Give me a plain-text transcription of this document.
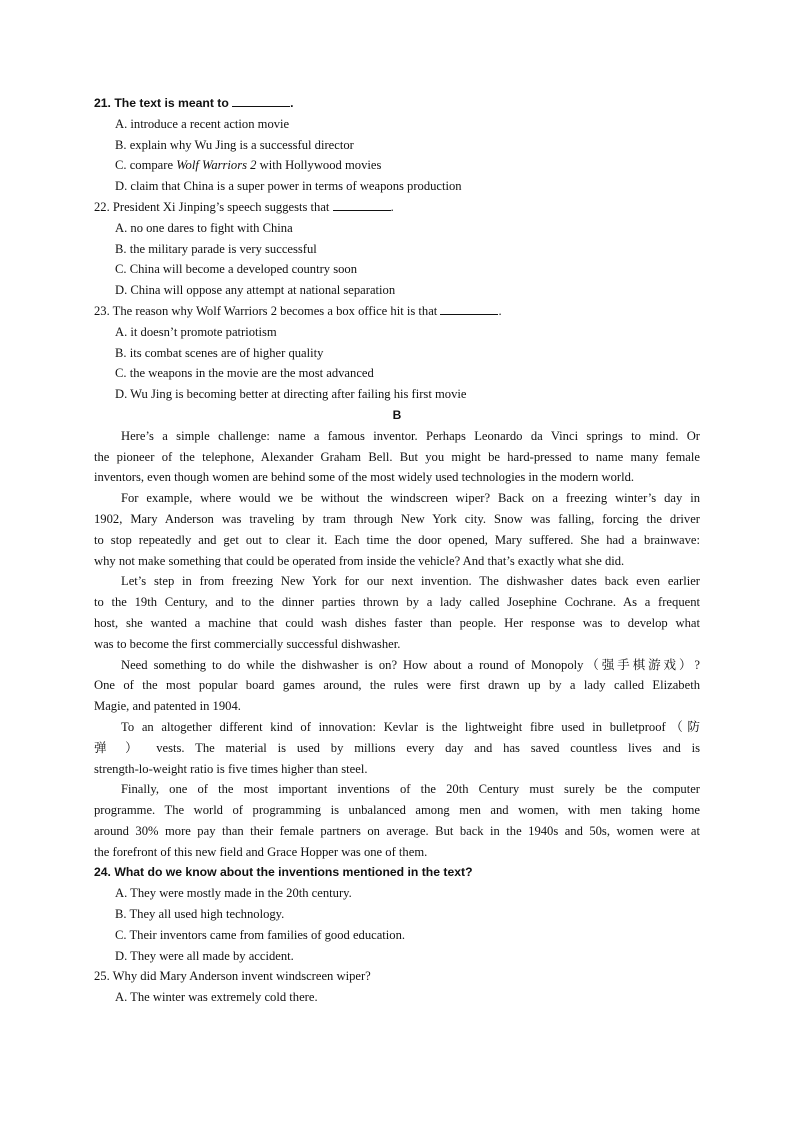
21. The text is meant to	.
A. introduce a recent action movie
B. explain why Wu Jing is a successful director
C. compare Wolf Warriors 2 with Hollywood movies
D. claim that China is a super power in terms of weapons production
22. President Xi Jinping’s speech suggests that	.
A. no one dares to fight with China
B. the military parade is very successful
C. China will become a developed country soon
D. China will oppose any attempt at national separation
23. The reason why Wolf Warriors 2 becomes a box office hit is that	.
A. it doesn’t promote patriotism
B. its combat scenes are of higher quality
C. the weapons in the movie are the most advanced
D. Wu Jing is becoming better at directing after failing his first movie
B
Here’s a simple challenge: name a famous inventor. Perhaps Leonardo da Vinci springs to mind. Or
the pioneer of the telephone, Alexander Graham Bell. But you might be hard-pressed to name many female
inventors, even though women are behind some of the most widely used technologies in the modern world.
For example, where would we be without the windscreen wiper? Back on a freezing winter’s day in
1902, Mary Anderson was traveling by tram through New York city. Snow was falling, forcing the driver
to stop repeatedly and get out to clear it. Each time the door opened, Mary suffered. She had a brainwave:
why not make something that could be operated from inside the vehicle? And that’s exactly what she did.
Let’s step in from freezing New York for our next invention. The dishwasher dates back even earlier
to the 19th Century, and to the dinner parties thrown by a lady called Josephine Cochrane. As a frequent
host, she wanted a machine that could wash dishes faster than people. Her response was to develop what
was to become the first commercially successful dishwasher.
Need something to do while the dishwasher is on? How about a round of Monopoly（强手棋游戏）?
One of the most popular board games around, the rules were first drawn up by a lady called Elizabeth
Magie, and patented in 1904.
To an altogether different kind of innovation: Kevlar is the lightweight fibre used in bulletproof（防
弹 ） vests. The material is used by millions every day and has saved countless lives and is
strength-lo-weight ratio is five times higher than steel.
Finally, one of the most important inventions of the 20th Century must surely be the computer
programme. The world of programming is unbalanced among men and women, with men taking home
around 30% more pay than their female partners on average. But back in the 1940s and 50s, women were at
the forefront of this new field and Grace Hopper was one of them.
24. What do we know about the inventions mentioned in the text?
A. They were mostly made in the 20th century.
B. They all used high technology.
C. Their inventors came from families of good education.
D. They were all made by accident.
25. Why did Mary Anderson invent windscreen wiper?
A. The winter was extremely cold there.
